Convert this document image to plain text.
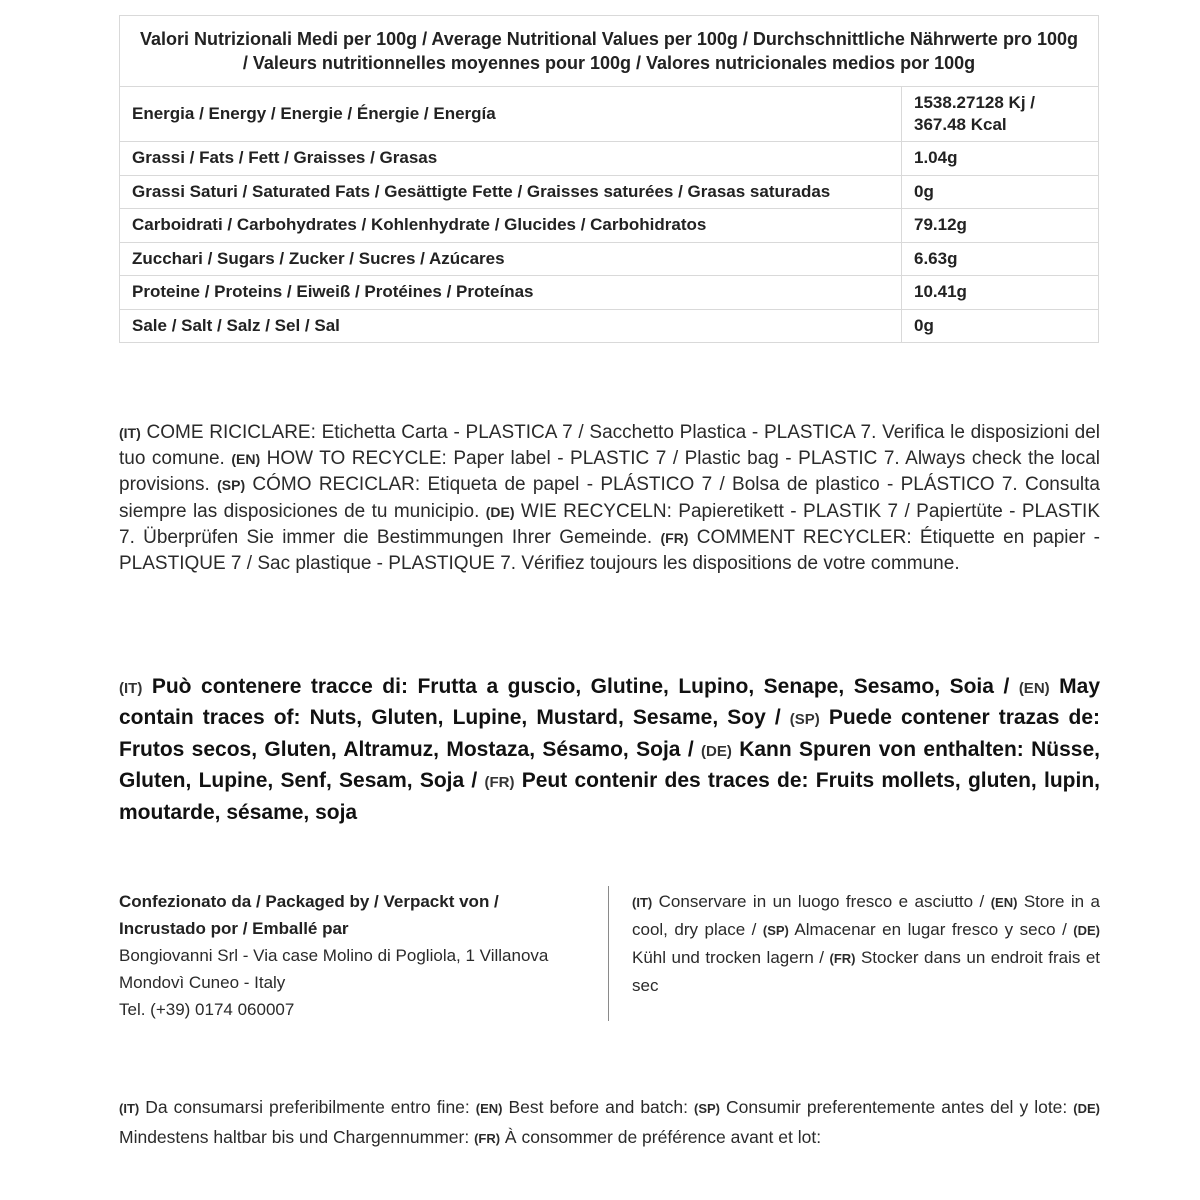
Valori Nutrizionali Medi per 100g / Average Nutritional Values per 100g / Durchschnittliche Nährwerte pro 100g / Valeurs nutritionnelles moyennes pour 100g / Valores nutricionales medios por 100g	
Energia / Energy / Energie / Énergie / Energía	1538.27128 Kj / 367.48 Kcal
Grassi / Fats / Fett / Graisses / Grasas	1.04g
Grassi Saturi / Saturated Fats / Gesättigte Fette / Graisses saturées / Grasas saturadas	0g
Carboidrati / Carbohydrates / Kohlenhydrate / Glucides / Carbohidratos	79.12g
Zucchari / Sugars / Zucker / Sucres / Azúcares	6.63g
Proteine / Proteins / Eiweiß / Protéines / Proteínas	10.41g
Sale / Salt / Salz / Sel / Sal	0g

(IT) COME RICICLARE: Etichetta Carta - PLASTICA 7 / Sacchetto Plastica - PLASTICA 7. Verifica le disposizioni del tuo comune. (EN) HOW TO RECYCLE: Paper label - PLASTIC 7 / Plastic bag - PLASTIC 7. Always check the local provisions. (SP) CÓMO RECICLAR: Etiqueta de papel - PLÁSTICO 7 / Bolsa de plastico - PLÁSTICO 7. Consulta siempre las disposiciones de tu municipio. (DE) WIE RECYCELN: Papieretikett - PLASTIK 7 / Papiertüte - PLASTIK 7. Überprüfen Sie immer die Bestimmungen Ihrer Gemeinde. (FR) COMMENT RECYCLER: Étiquette en papier - PLASTIQUE 7 / Sac plastique - PLASTIQUE 7. Vérifiez toujours les dispositions de votre commune.

(IT) Può contenere tracce di: Frutta a guscio, Glutine, Lupino, Senape, Sesamo, Soia / (EN) May contain traces of: Nuts, Gluten, Lupine, Mustard, Sesame, Soy / (SP) Puede contener trazas de: Frutos secos, Gluten, Altramuz, Mostaza, Sésamo, Soja / (DE) Kann Spuren von enthalten: Nüsse, Gluten, Lupine, Senf, Sesam, Soja / (FR) Peut contenir des traces de: Fruits mollets, gluten, lupin, moutarde, sésame, soja

Confezionato da / Packaged by / Verpackt von / Incrustado por / Emballé par
Bongiovanni Srl - Via case Molino di Pogliola, 1 Villanova Mondovì Cuneo - Italy
Tel. (+39) 0174 060007

(IT) Conservare in un luogo fresco e asciutto / (EN) Store in a cool, dry place / (SP) Almacenar en lugar fresco y seco / (DE) Kühl und trocken lagern / (FR) Stocker dans un endroit frais et sec

(IT) Da consumarsi preferibilmente entro fine: (EN) Best before and batch: (SP) Consumir preferentemente antes del y lote: (DE) Mindestens haltbar bis und Chargennummer: (FR) À consommer de préférence avant et lot:
